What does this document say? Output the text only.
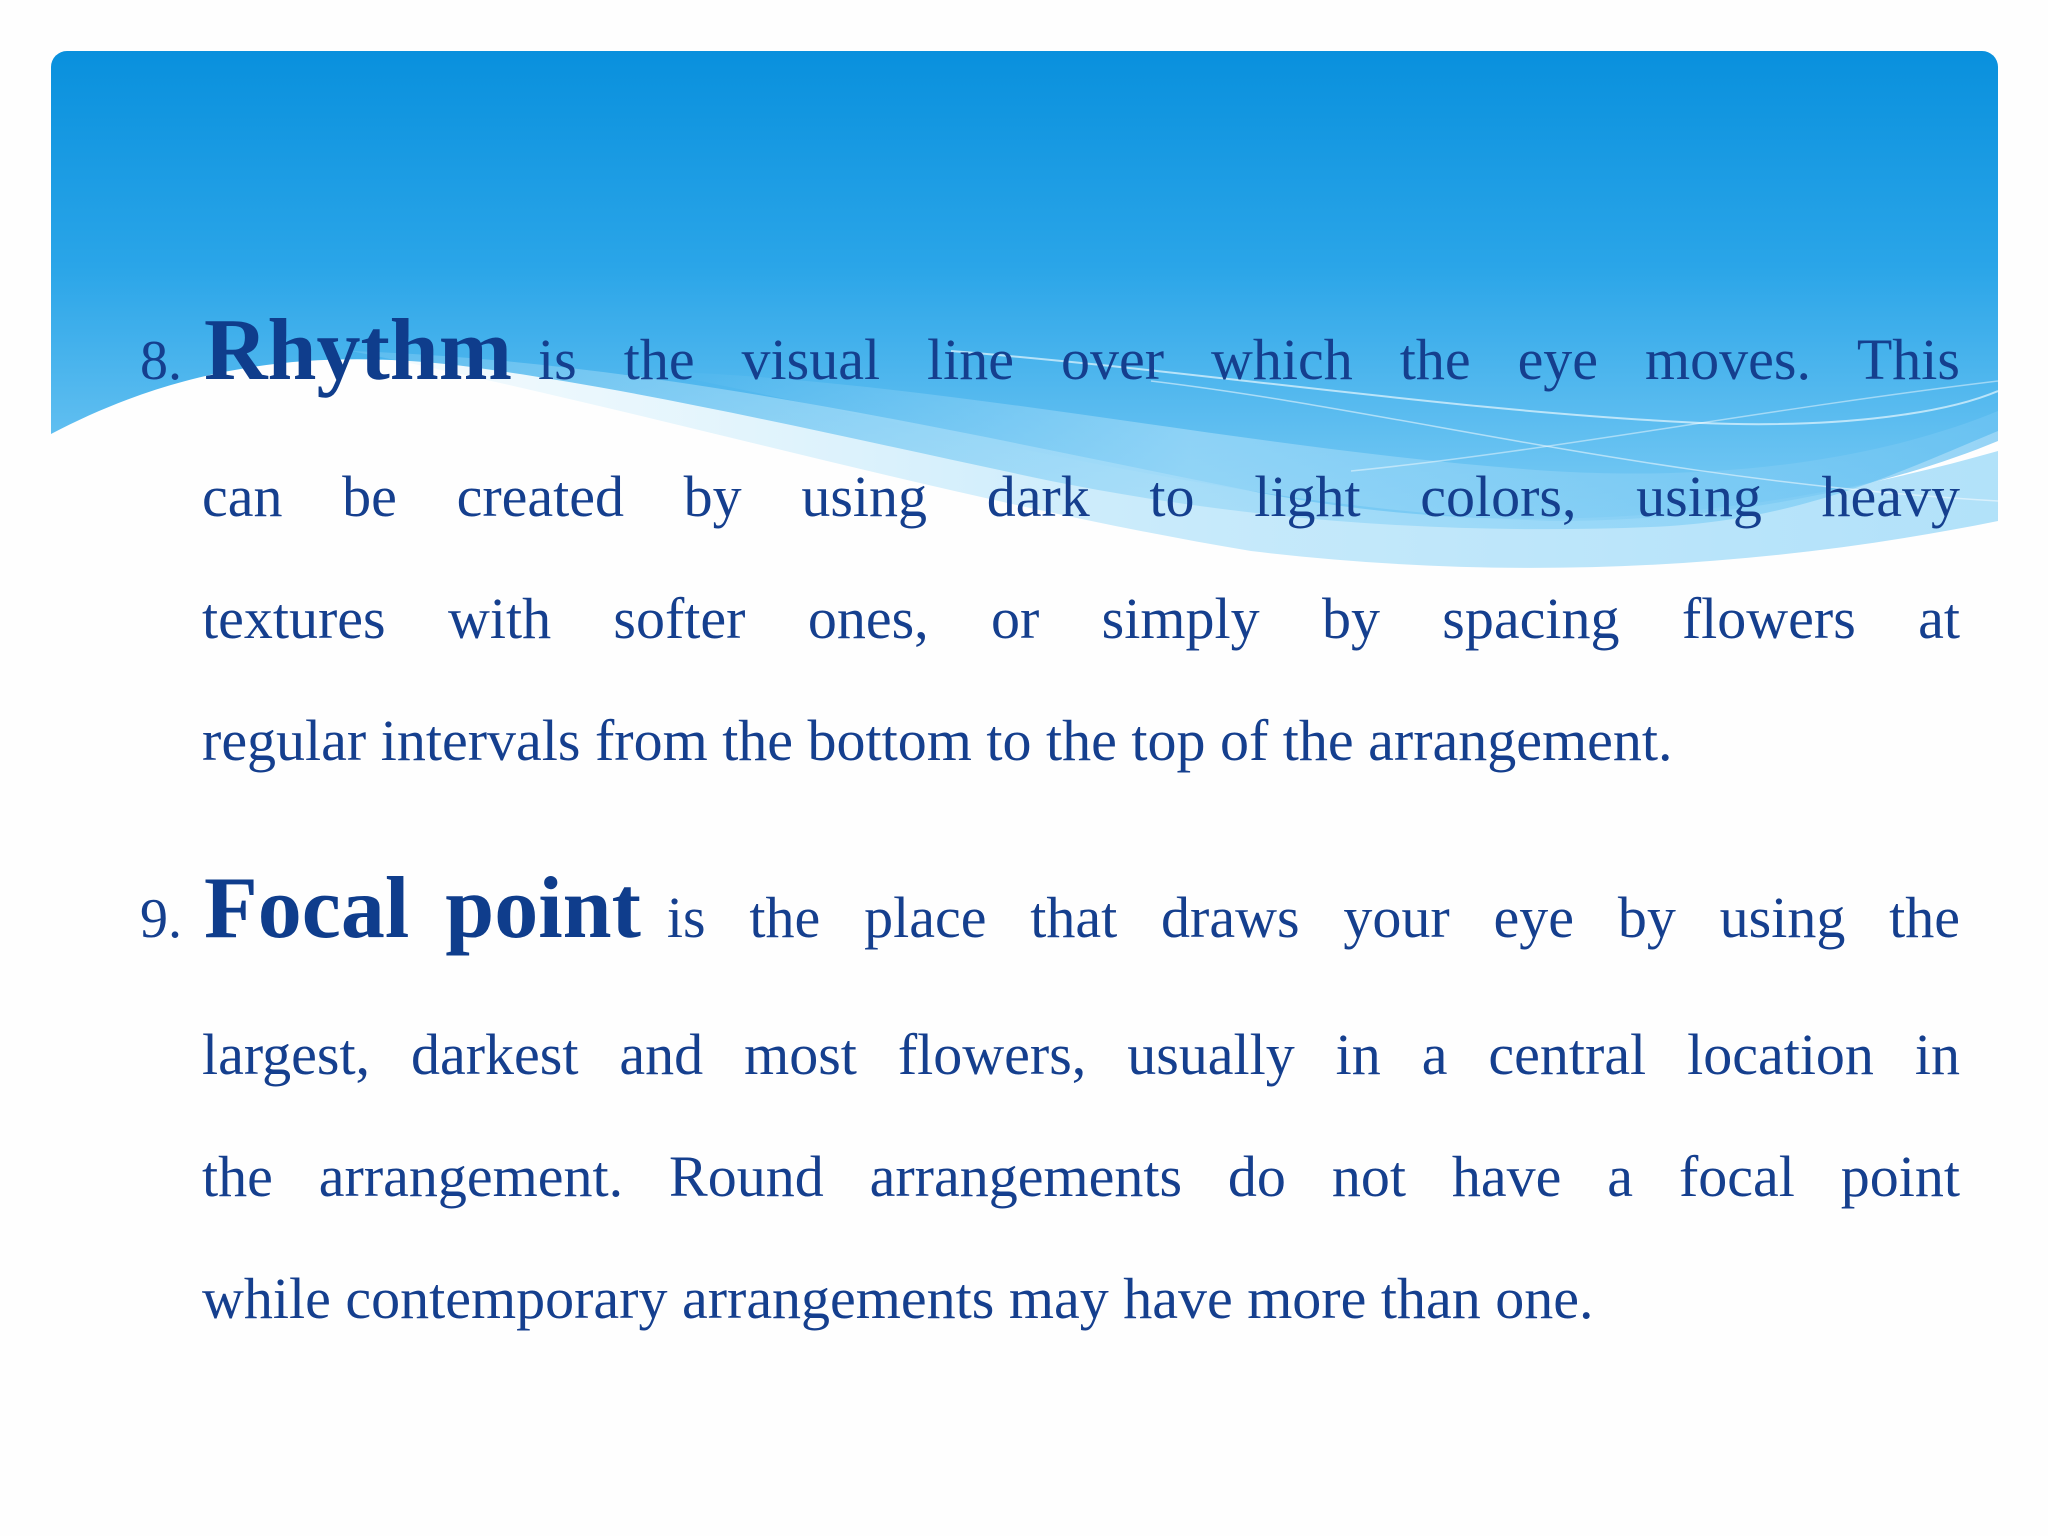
8. Rhythm is the visual line over which the eye moves. This
can be created by using dark to light colors, using heavy
textures with softer ones, or simply by spacing flowers at
regular intervals from the bottom to the top of the arrangement.
9. Focal point is the place that draws your eye by using the
largest, darkest and most flowers, usually in a central location in
the arrangement. Round arrangements do not have a focal point
while contemporary arrangements may have more than one.
